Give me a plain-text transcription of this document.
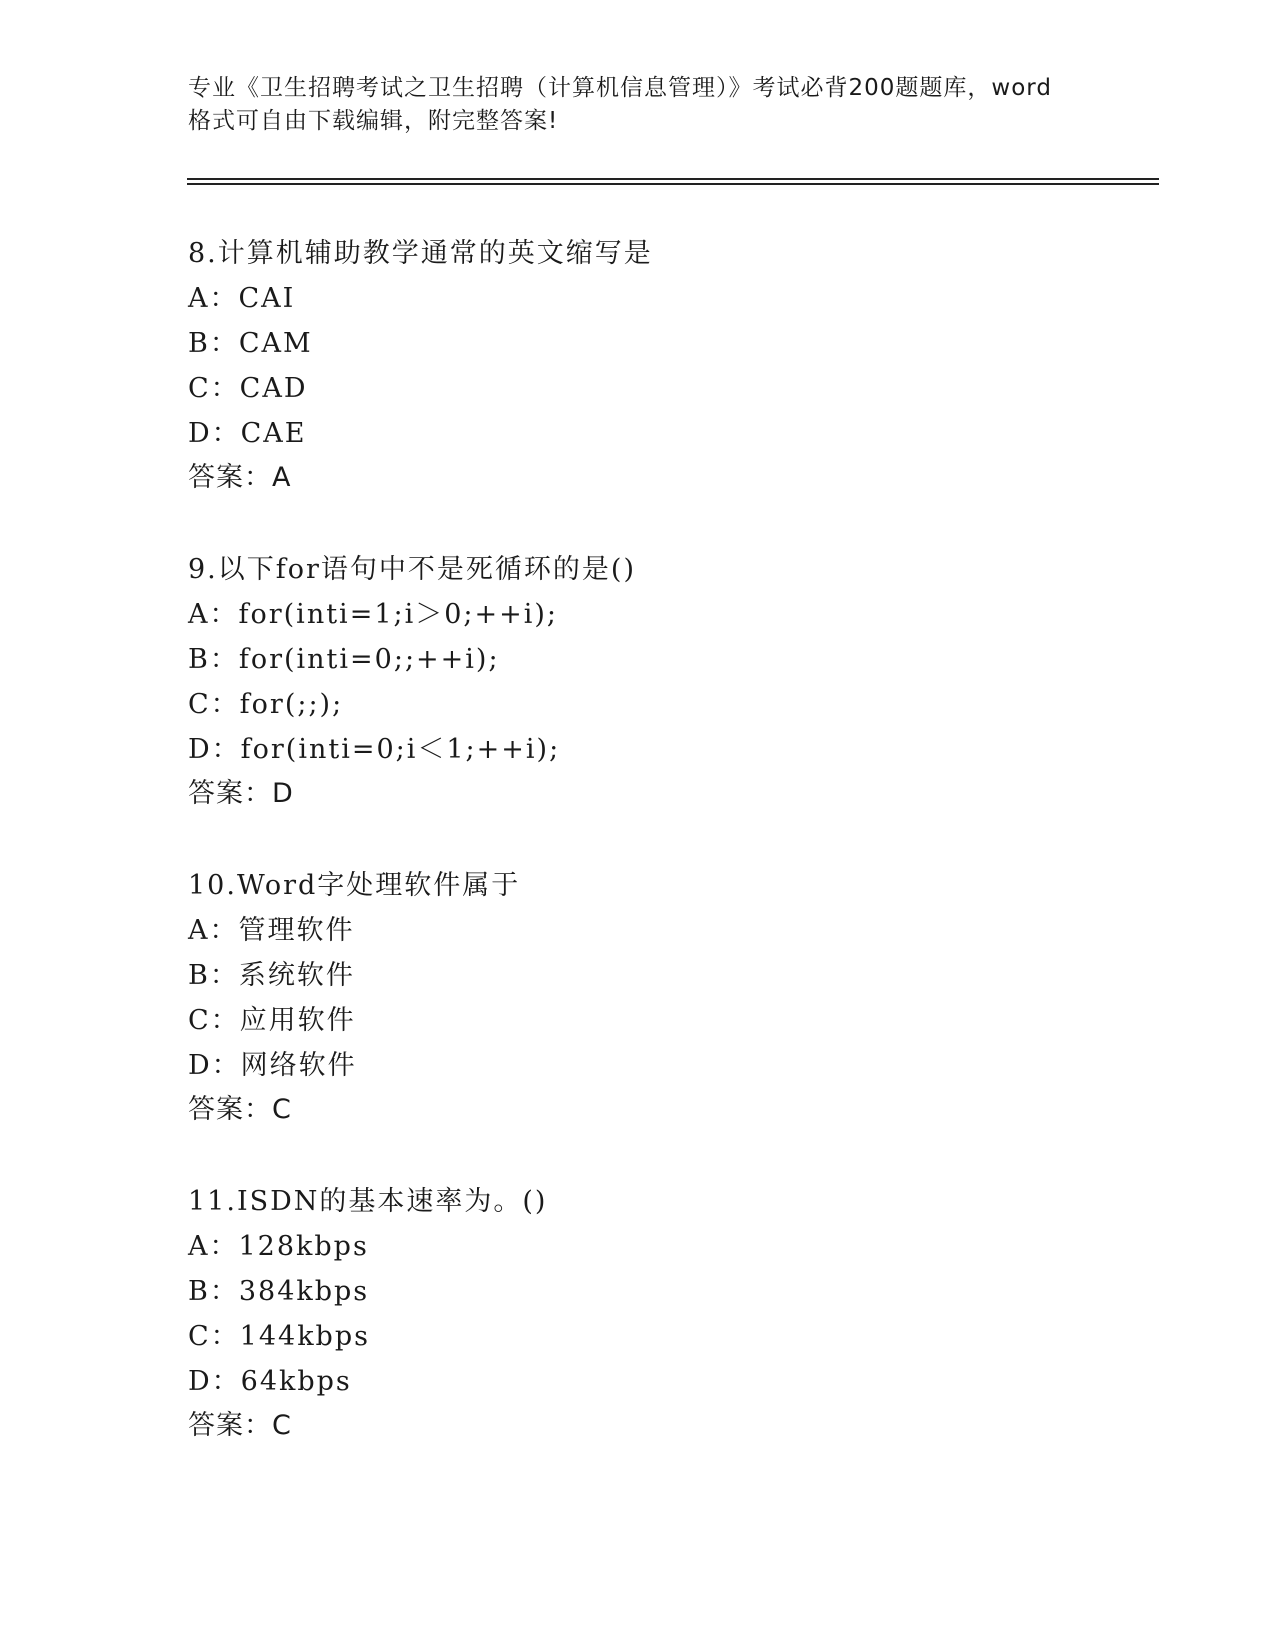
专业《卫生招聘考试之卫生招聘（计算机信息管理）》考试必背200题题库，word
格式可自由下载编辑，附完整答案!
8.计算机辅助教学通常的英文缩写是
A：CAI
B：CAM
C：CAD
D：CAE
答案：A
9.以下for语句中不是死循环的是()
A：for(inti=1;i＞0;++i);
B：for(inti=0;;++i);
C：for(;;);
D：for(inti=0;i＜1;++i);
答案：D
10.Word字处理软件属于
A：管理软件
B：系统软件
C：应用软件
D：网络软件
答案：C
11.ISDN的基本速率为。()
A：128kbps
B：384kbps
C：144kbps
D：64kbps
答案：C
